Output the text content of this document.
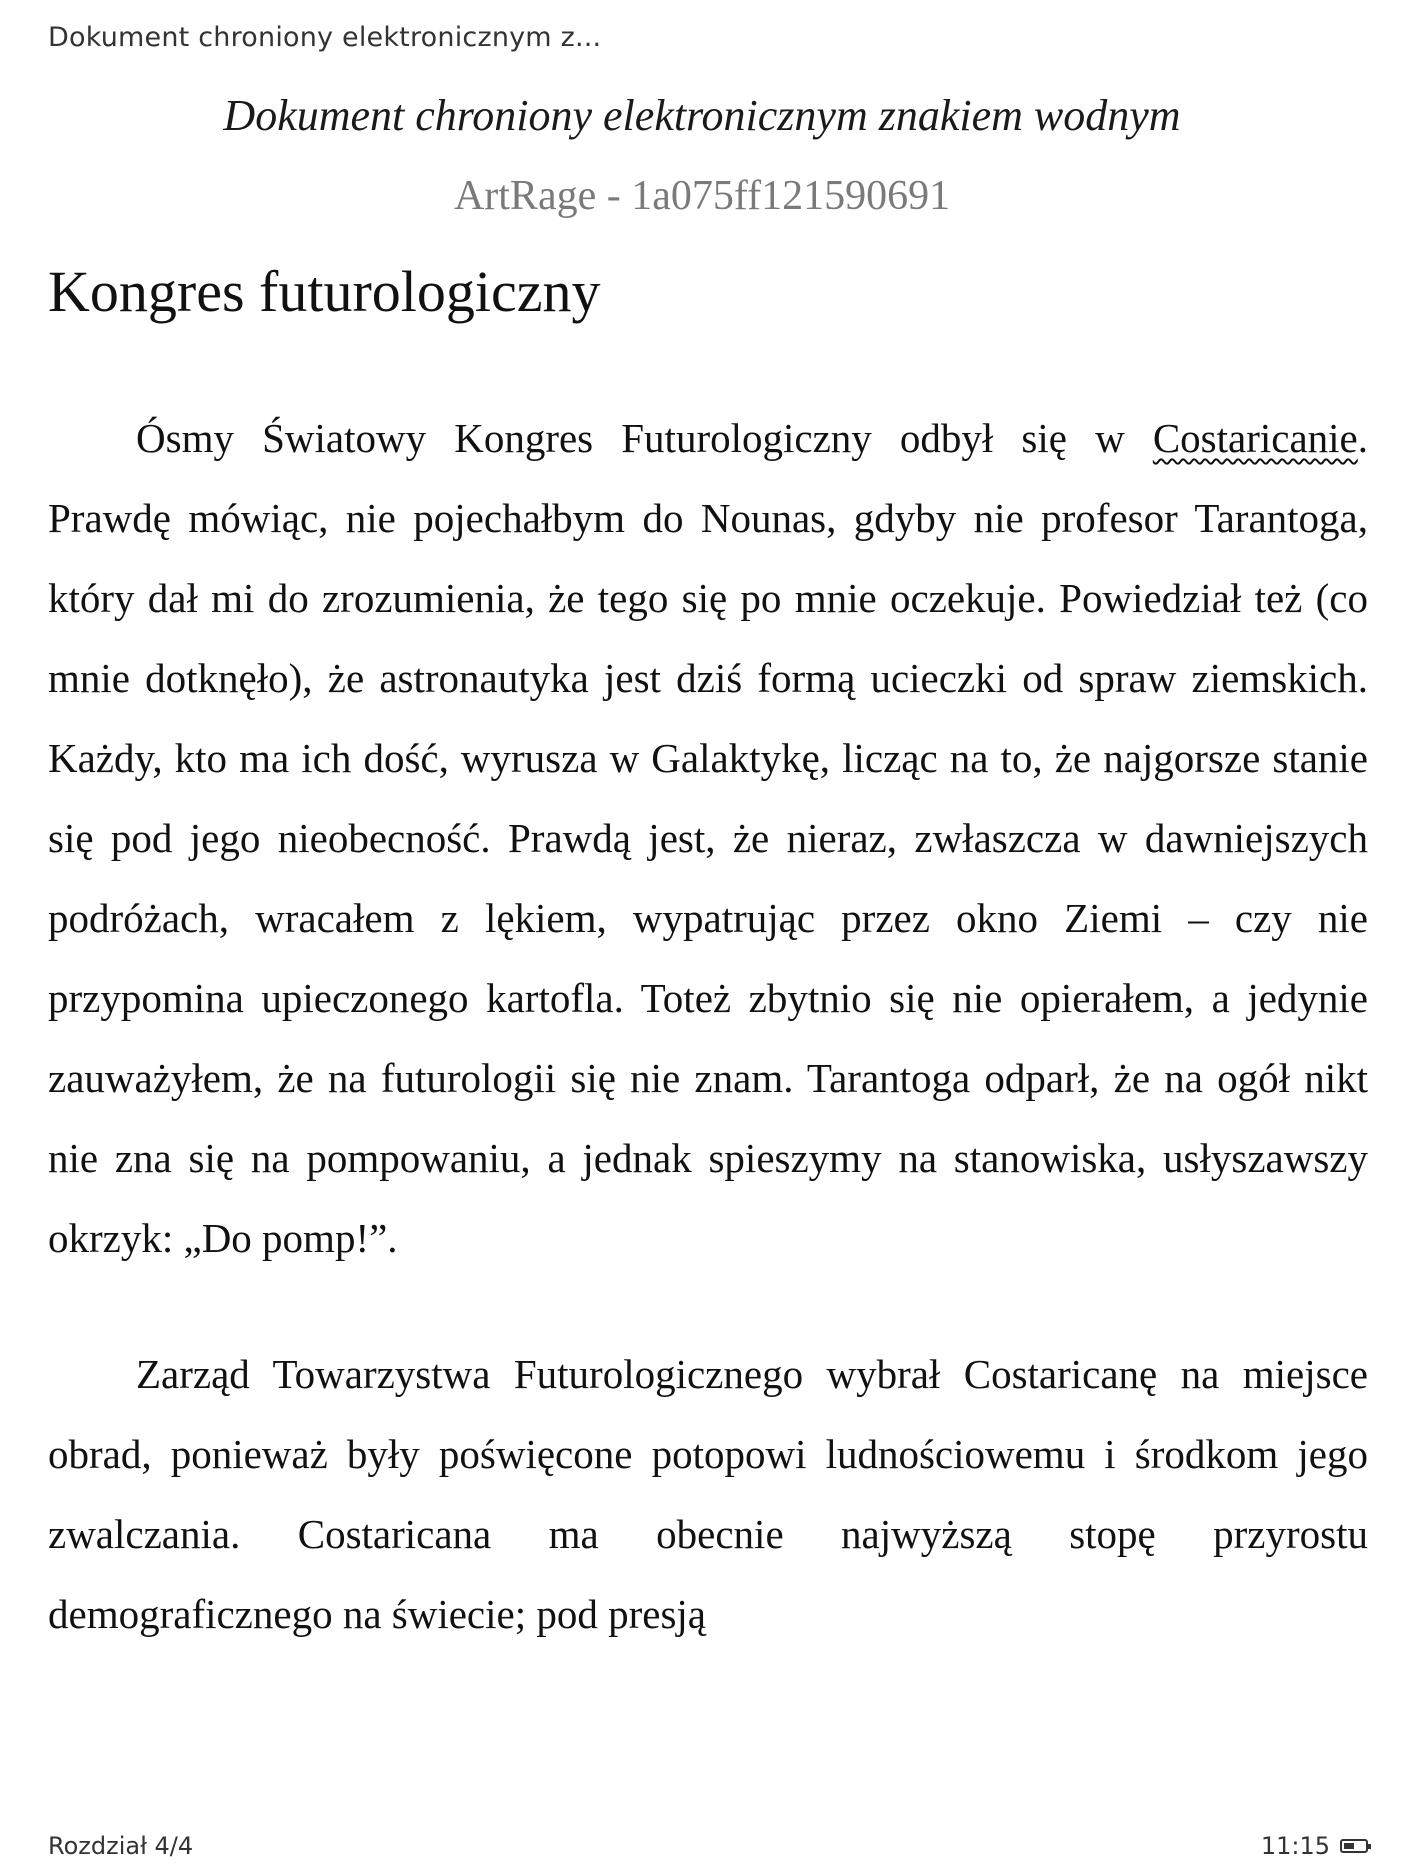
Dokument chroniony elektronicznym z...
Dokument chroniony elektronicznym znakiem wodnym
ArtRage - 1a075ff121590691
Kongres futurologiczny

Ósmy Światowy Kongres Futurologiczny odbył się w Costaricanie. Prawdę mówiąc, nie pojechałbym do Nounas, gdyby nie profesor Tarantoga, który dał mi do zrozumienia, że tego się po mnie oczekuje. Powiedział też (co mnie dotknęło), że astronautyka jest dziś formą ucieczki od spraw ziemskich. Każdy, kto ma ich dość, wyrusza w Galaktykę, licząc na to, że najgorsze stanie się pod jego nieobecność. Prawdą jest, że nieraz, zwłaszcza w dawniejszych podróżach, wracałem z lękiem, wypatrując przez okno Ziemi – czy nie przypomina upieczonego kartofla. Toteż zbytnio się nie opierałem, a jedynie zauważyłem, że na futurologii się nie znam. Tarantoga odparł, że na ogół nikt nie zna się na pompowaniu, a jednak spieszymy na stanowiska, usłyszawszy okrzyk: „Do pomp!”.

Zarząd Towarzystwa Futurologicznego wybrał Costaricanę na miejsce obrad, ponieważ były poświęcone potopowi ludnościowemu i środkom jego zwalczania. Costaricana ma obecnie najwyższą stopę przyrostu demograficznego na świecie; pod presją

Rozdział 4/4	11:15
